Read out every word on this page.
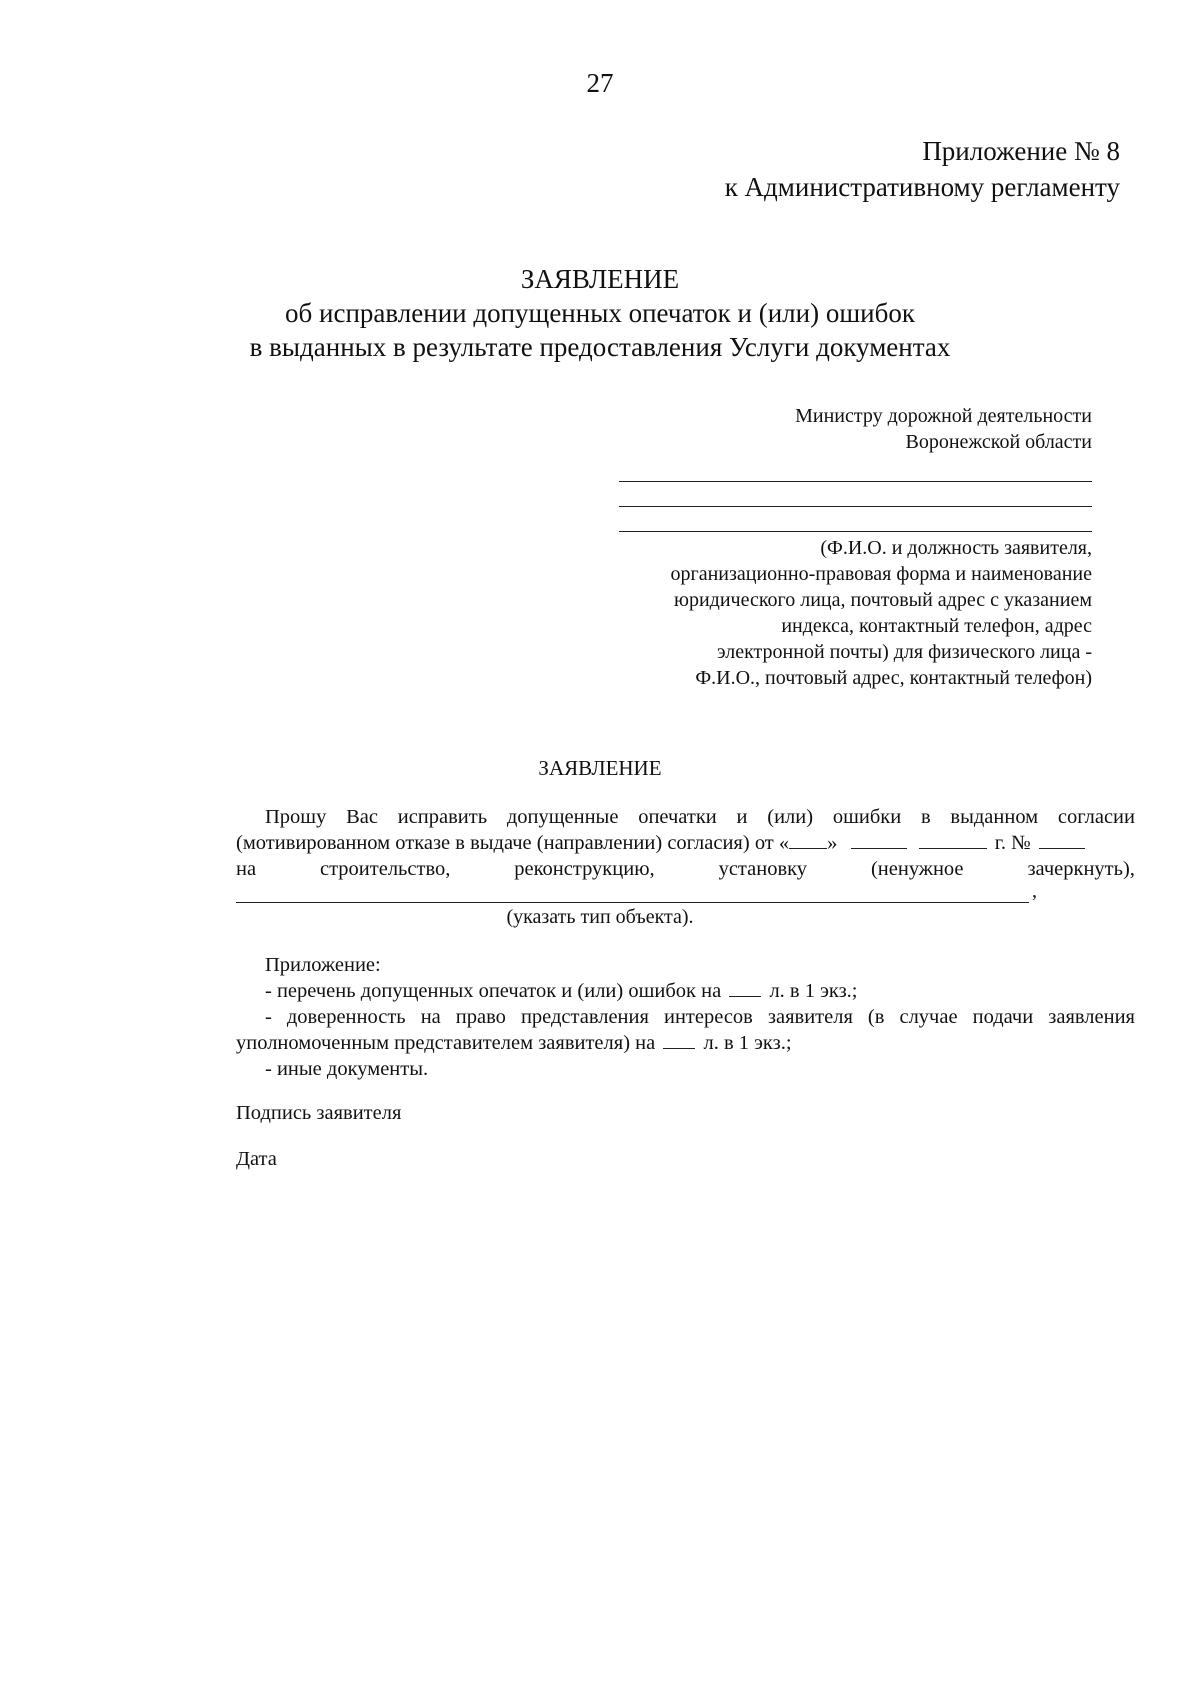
27
Приложение № 8
к Административному регламенту
ЗАЯВЛЕНИЕ
об исправлении допущенных опечаток и (или) ошибок
в выданных в результате предоставления Услуги документах
Министру дорожной деятельности
Воронежской области
(Ф.И.О. и должность заявителя,
организационно-правовая форма и наименование
юридического лица, почтовый адрес с указанием
индекса, контактный телефон, адрес
электронной почты) для физического лица -
Ф.И.О., почтовый адрес, контактный телефон)
ЗАЯВЛЕНИЕ
Прошу Вас исправить допущенные опечатки и (или) ошибки в выданном согласии
(мотивированном отказе в выдаче (направлении) согласия) от « »	г. №
на	строительство,	реконструкцию,	установку	(ненужное	зачеркнуть),
,
(указать тип объекта).
Приложение:
- перечень допущенных опечаток и (или) ошибок на л. в 1 экз.;
- доверенность на право представления интересов заявителя (в случае подачи заявления
уполномоченным представителем заявителя) на л. в 1 экз.;
- иные документы.
Подпись заявителя
Дата
